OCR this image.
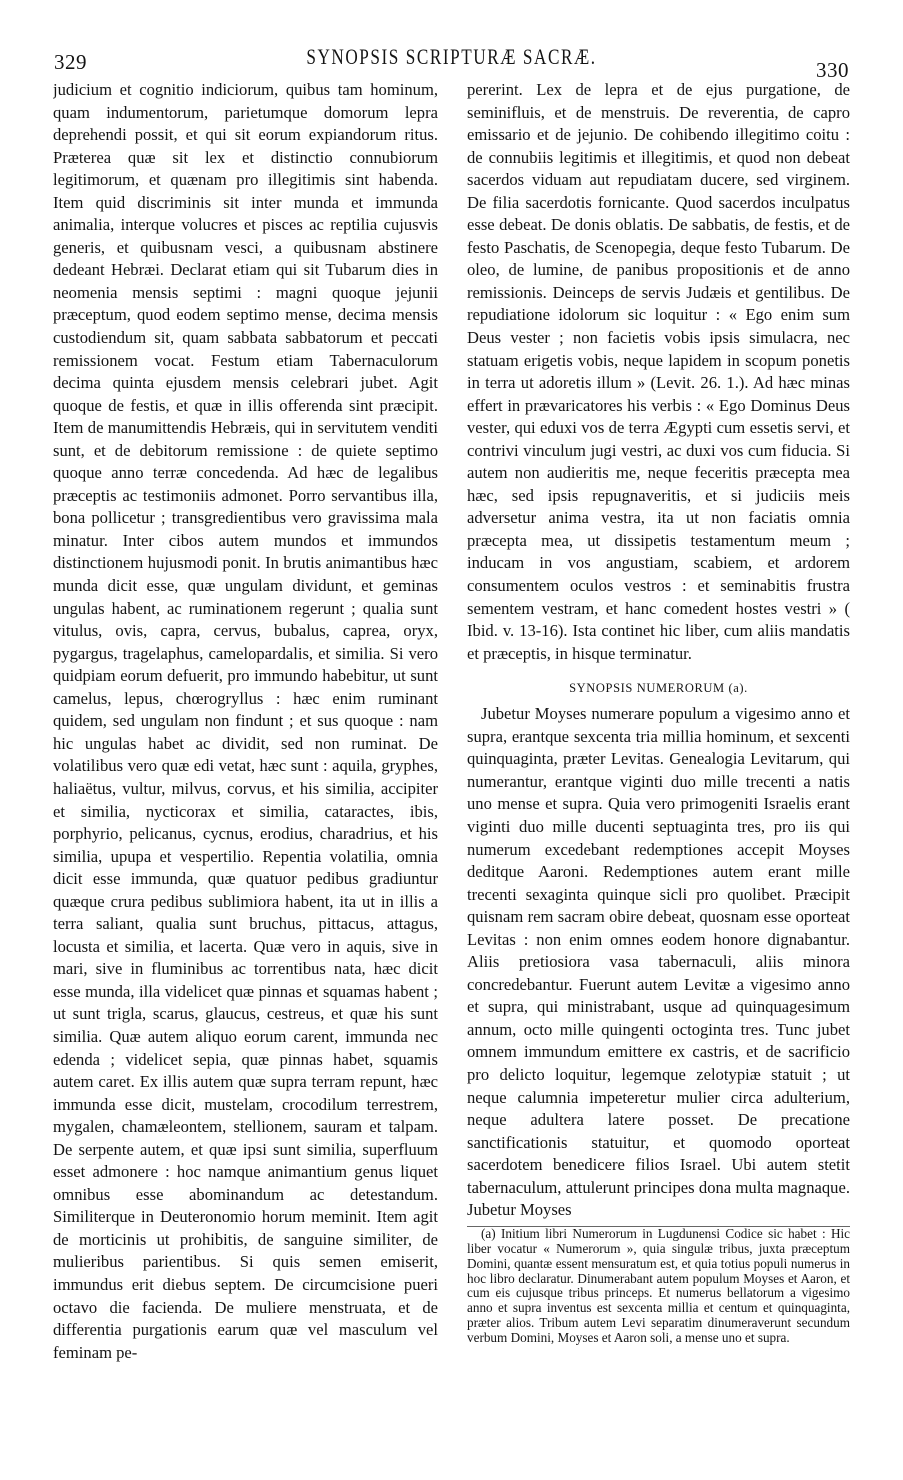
329	SYNOPSIS SCRIPTURÆ SACRÆ.
330

judicium et cognitio indiciorum, quibus tam hominum, quam indumentorum, parietumque domorum lepra deprehendi possit, et qui sit eorum expiandorum ritus. Præterea quæ sit lex et distinctio connubiorum legitimorum, et quænam pro illegitimis sint habenda. Item quid discriminis sit inter munda et immunda animalia, interque volucres et pisces ac reptilia cujusvis generis, et quibusnam vesci, a quibusnam abstinere dedeant Hebræi. Declarat etiam qui sit Tubarum dies in neomenia mensis septimi : magni quoque jejunii præceptum, quod eodem septimo mense, decima mensis custodiendum sit, quam sabbata sabbatorum et peccati remissionem vocat. Festum etiam Tabernaculorum decima quinta ejusdem mensis celebrari jubet. Agit quoque de festis, et quæ in illis offerenda sint præcipit. Item de manumittendis Hebræis, qui in servitutem venditi sunt, et de debitorum remissione : de quiete septimo quoque anno terræ concedenda. Ad hæc de legalibus præceptis ac testimoniis admonet. Porro servantibus illa, bona pollicetur ; transgredientibus vero gravissima mala minatur. Inter cibos autem mundos et immundos distinctionem hujusmodi ponit. In brutis animantibus hæc munda dicit esse, quæ ungulam dividunt, et geminas ungulas habent, ac ruminationem regerunt ; qualia sunt vitulus, ovis, capra, cervus, bubalus, caprea, oryx, pygargus, tragelaphus, camelopardalis, et similia. Si vero quidpiam eorum defuerit, pro immundo habebitur, ut sunt camelus, lepus, chœrogryllus : hæc enim ruminant quidem, sed ungulam non findunt ; et sus quoque : nam hic ungulas habet ac dividit, sed non ruminat. De volatilibus vero quæ edi vetat, hæc sunt : aquila, gryphes, haliaëtus, vultur, milvus, corvus, et his similia, accipiter et similia, nycticorax et similia, cataractes, ibis, porphyrio, pelicanus, cycnus, erodius, charadrius, et his similia, upupa et vespertilio. Repentia volatilia, omnia dicit esse immunda, quæ quatuor pedibus gradiuntur quæque crura pedibus sublimiora habent, ita ut in illis a terra saliant, qualia sunt bruchus, pittacus, attagus, locusta et similia, et lacerta. Quæ vero in aquis, sive in mari, sive in fluminibus ac torrentibus nata, hæc dicit esse munda, illa videlicet quæ pinnas et squamas habent ; ut sunt trigla, scarus, glaucus, cestreus, et quæ his sunt similia. Quæ autem aliquo eorum carent, immunda nec edenda ; videlicet sepia, quæ pinnas habet, squamis autem caret. Ex illis autem quæ supra terram repunt, hæc immunda esse dicit, mustelam, crocodilum terrestrem, mygalen, chamæleontem, stellionem, sauram et talpam. De serpente autem, et quæ ipsi sunt similia, superfluum esset admonere : hoc namque animantium genus liquet omnibus esse abominandum ac detestandum. Similiterque in Deuteronomio horum meminit. Item agit de morticinis ut prohibitis, de sanguine similiter, de mulieribus parientibus. Si quis semen emiserit, immundus erit diebus septem. De circumcisione pueri octavo die facienda. De muliere menstruata, et de differentia purgationis earum quæ vel masculum vel feminam pe-

pererint. Lex de lepra et de ejus purgatione, de seminifluis, et de menstruis. De reverentia, de capro emissario et de jejunio. De cohibendo illegitimo coitu : de connubiis legitimis et illegitimis, et quod non debeat sacerdos viduam aut repudiatam ducere, sed virginem. De filia sacerdotis fornicante. Quod sacerdos inculpatus esse debeat. De donis oblatis. De sabbatis, de festis, et de festo Paschatis, de Scenopegia, deque festo Tubarum. De oleo, de lumine, de panibus propositionis et de anno remissionis. Deinceps de servis Judæis et gentilibus. De repudiatione idolorum sic loquitur : « Ego enim sum Deus vester ; non facietis vobis ipsis simulacra, nec statuam erigetis vobis, neque lapidem in scopum ponetis in terra ut adoretis illum » (Levit. 26. 1.). Ad hæc minas effert in prævaricatores his verbis : « Ego Dominus Deus vester, qui eduxi vos de terra Ægypti cum essetis servi, et contrivi vinculum jugi vestri, ac duxi vos cum fiducia. Si autem non audieritis me, neque feceritis præcepta mea hæc, sed ipsis repugnaveritis, et si judiciis meis adversetur anima vestra, ita ut non faciatis omnia præcepta mea, ut dissipetis testamentum meum ; inducam in vos angustiam, scabiem, et ardorem consumentem oculos vestros : et seminabitis frustra sementem vestram, et hanc comedent hostes vestri » ( Ibid. v. 13-16). Ista continet hic liber, cum aliis mandatis et præceptis, in hisque terminatur.

SYNOPSIS NUMERORUM (a).

Jubetur Moyses numerare populum a vigesimo anno et supra, erantque sexcenta tria millia hominum, et sexcenti quinquaginta, præter Levitas. Genealogia Levitarum, qui numerantur, erantque viginti duo mille trecenti a natis uno mense et supra. Quia vero primogeniti Israelis erant viginti duo mille ducenti septuaginta tres, pro iis qui numerum excedebant redemptiones accepit Moyses deditque Aaroni. Redemptiones autem erant mille trecenti sexaginta quinque sicli pro quolibet. Præcipit quisnam rem sacram obire debeat, quosnam esse oporteat Levitas : non enim omnes eodem honore dignabantur. Aliis pretiosiora vasa tabernaculi, aliis minora concredebantur. Fuerunt autem Levitæ a vigesimo anno et supra, qui ministrabant, usque ad quinquagesimum annum, octo mille quingenti octoginta tres. Tunc jubet omnem immundum emittere ex castris, et de sacrificio pro delicto loquitur, legemque zelotypiæ statuit ; ut neque calumnia impeteretur mulier circa adulterium, neque adultera latere posset. De precatione sanctificationis statuitur, et quomodo oporteat sacerdotem benedicere filios Israel. Ubi autem stetit tabernaculum, attulerunt principes dona multa magnaque. Jubetur Moyses

(a) Initium libri Numerorum in Lugdunensi Codice sic habet : Hic liber vocatur « Numerorum », quia singulæ tribus, juxta præceptum Domini, quantæ essent mensuratum est, et quia totius populi numerus in hoc libro declaratur. Dinumerabant autem populum Moyses et Aaron, et cum eis cujusque tribus princeps. Et numerus bellatorum a vigesimo anno et supra inventus est sexcenta millia et centum et quinquaginta, præter alios. Tribum autem Levi separatim dinumeraverunt secundum verbum Domini, Moyses et Aaron soli, a mense uno et supra.
